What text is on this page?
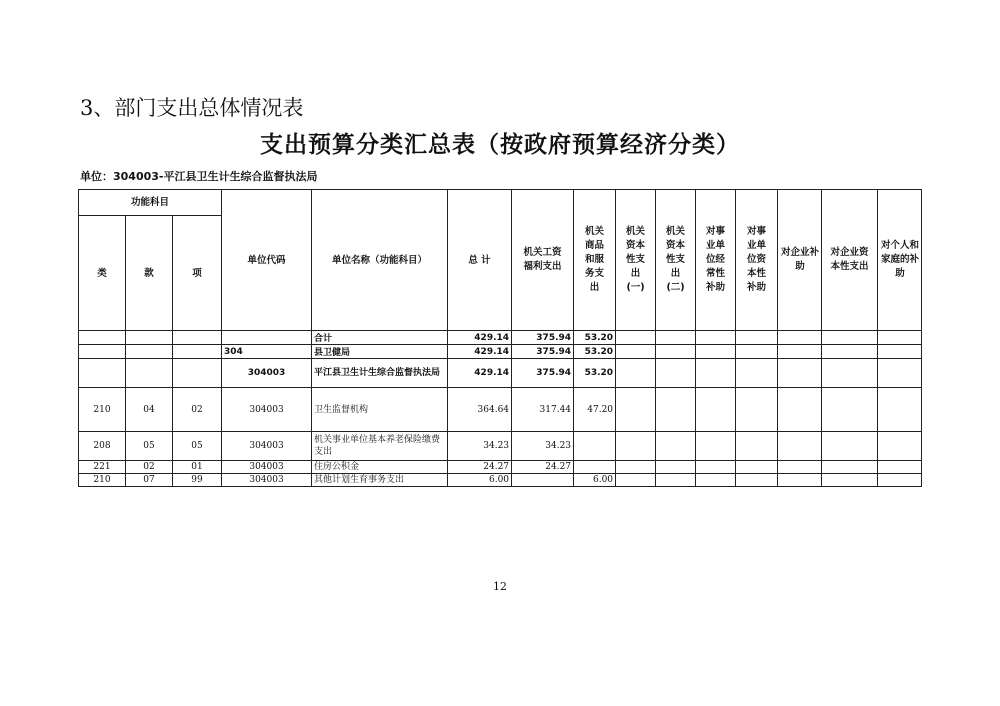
3、部门支出总体情况表
支出预算分类汇总表（按政府预算经济分类）
单位：304003-平江县卫生计生综合监督执法局
功能科目			单位代码	单位名称（功能科目）	总 计	机关工资福利支出	机关商品和服务支出	机关资本性支出(一)	机关资本性支出(二)	对事业单位经常性补助	对事业单位资本性补助	对企业补助	对企业资本性支出	对个人和家庭的补助
类	款	项												
				合计	429.14	375.94	53.20							
			304	县卫健局	429.14	375.94	53.20							
			304003	平江县卫生计生综合监督执法局	429.14	375.94	53.20							
210	04	02	304003	卫生监督机构	364.64	317.44	47.20							
208	05	05	304003	机关事业单位基本养老保险缴费支出	34.23	34.23								
221	02	01	304003	住房公积金	24.27	24.27								
210	07	99	304003	其他计划生育事务支出	6.00		6.00							
12
